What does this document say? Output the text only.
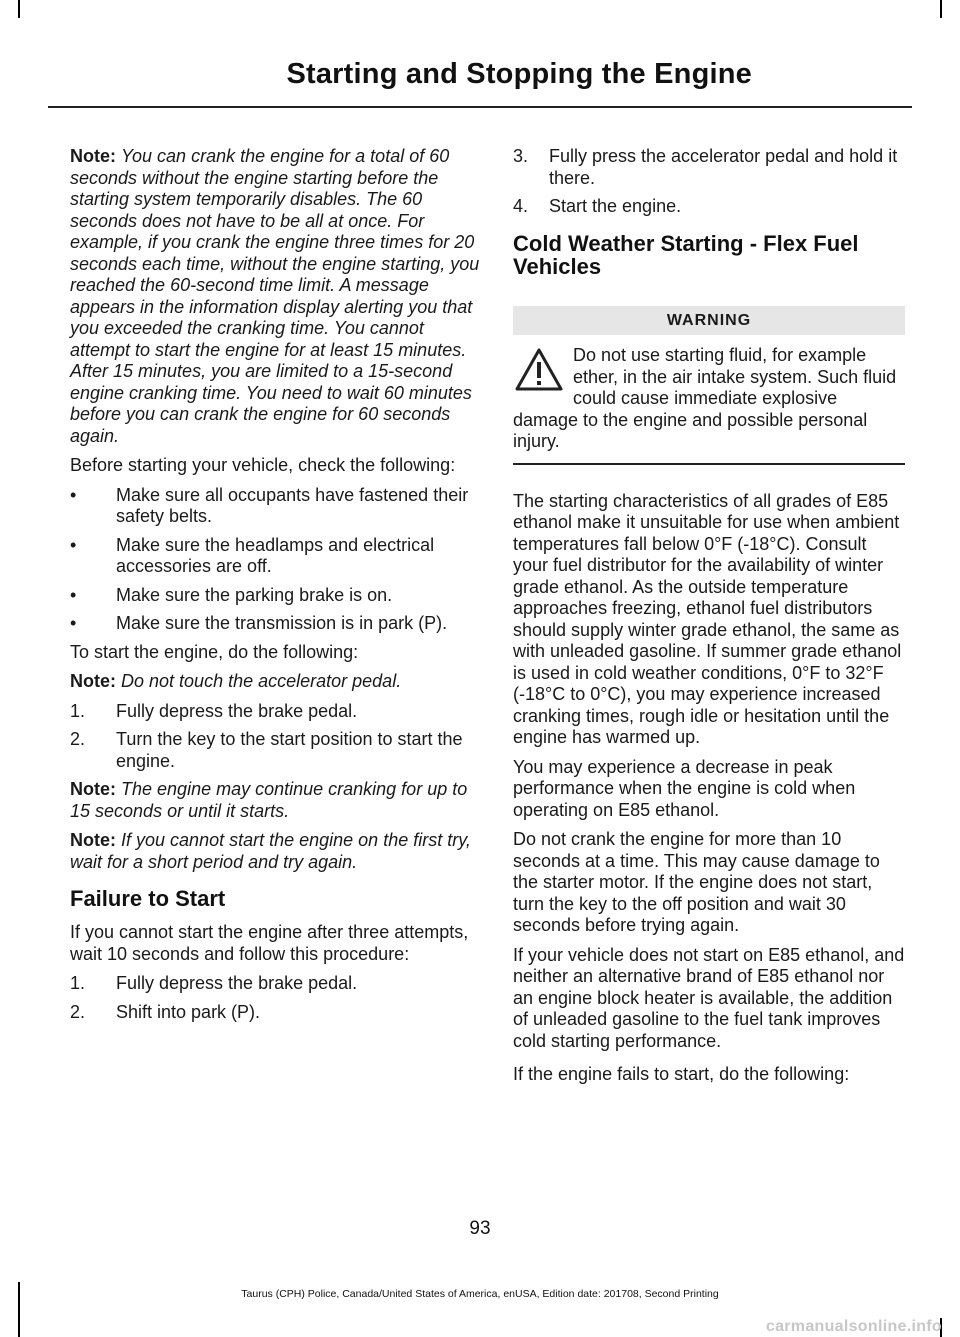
Starting and Stopping the Engine

Note: You can crank the engine for a total of 60 seconds without the engine starting before the starting system temporarily disables. The 60 seconds does not have to be all at once. For example, if you crank the engine three times for 20 seconds each time, without the engine starting, you reached the 60-second time limit. A message appears in the information display alerting you that you exceeded the cranking time. You cannot attempt to start the engine for at least 15 minutes. After 15 minutes, you are limited to a 15-second engine cranking time. You need to wait 60 minutes before you can crank the engine for 60 seconds again.

Before starting your vehicle, check the following:

•	Make sure all occupants have fastened their safety belts.
•	Make sure the headlamps and electrical accessories are off.
•	Make sure the parking brake is on.
•	Make sure the transmission is in park (P).

To start the engine, do the following:

Note: Do not touch the accelerator pedal.

1.	Fully depress the brake pedal.
2.	Turn the key to the start position to start the engine.

Note: The engine may continue cranking for up to 15 seconds or until it starts.

Note: If you cannot start the engine on the first try, wait for a short period and try again.

Failure to Start

If you cannot start the engine after three attempts, wait 10 seconds and follow this procedure:

1.	Fully depress the brake pedal.
2.	Shift into park (P).
3.	Fully press the accelerator pedal and hold it there.
4.	Start the engine.
Cold Weather Starting - Flex Fuel Vehicles
WARNING
Do not use starting fluid, for example ether, in the air intake system. Such fluid could cause immediate explosive damage to the engine and possible personal injury.

The starting characteristics of all grades of E85 ethanol make it unsuitable for use when ambient temperatures fall below 0°F (-18°C). Consult your fuel distributor for the availability of winter grade ethanol. As the outside temperature approaches freezing, ethanol fuel distributors should supply winter grade ethanol, the same as with unleaded gasoline. If summer grade ethanol is used in cold weather conditions, 0°F to 32°F (-18°C to 0°C), you may experience increased cranking times, rough idle or hesitation until the engine has warmed up.

You may experience a decrease in peak performance when the engine is cold when operating on E85 ethanol.

Do not crank the engine for more than 10 seconds at a time. This may cause damage to the starter motor. If the engine does not start, turn the key to the off position and wait 30 seconds before trying again.

If your vehicle does not start on E85 ethanol, and neither an alternative brand of E85 ethanol nor an engine block heater is available, the addition of unleaded gasoline to the fuel tank improves cold starting performance.

If the engine fails to start, do the following:

93
Taurus (CPH) Police, Canada/United States of America, enUSA, Edition date: 201708, Second Printing
carmanualsonline.info
